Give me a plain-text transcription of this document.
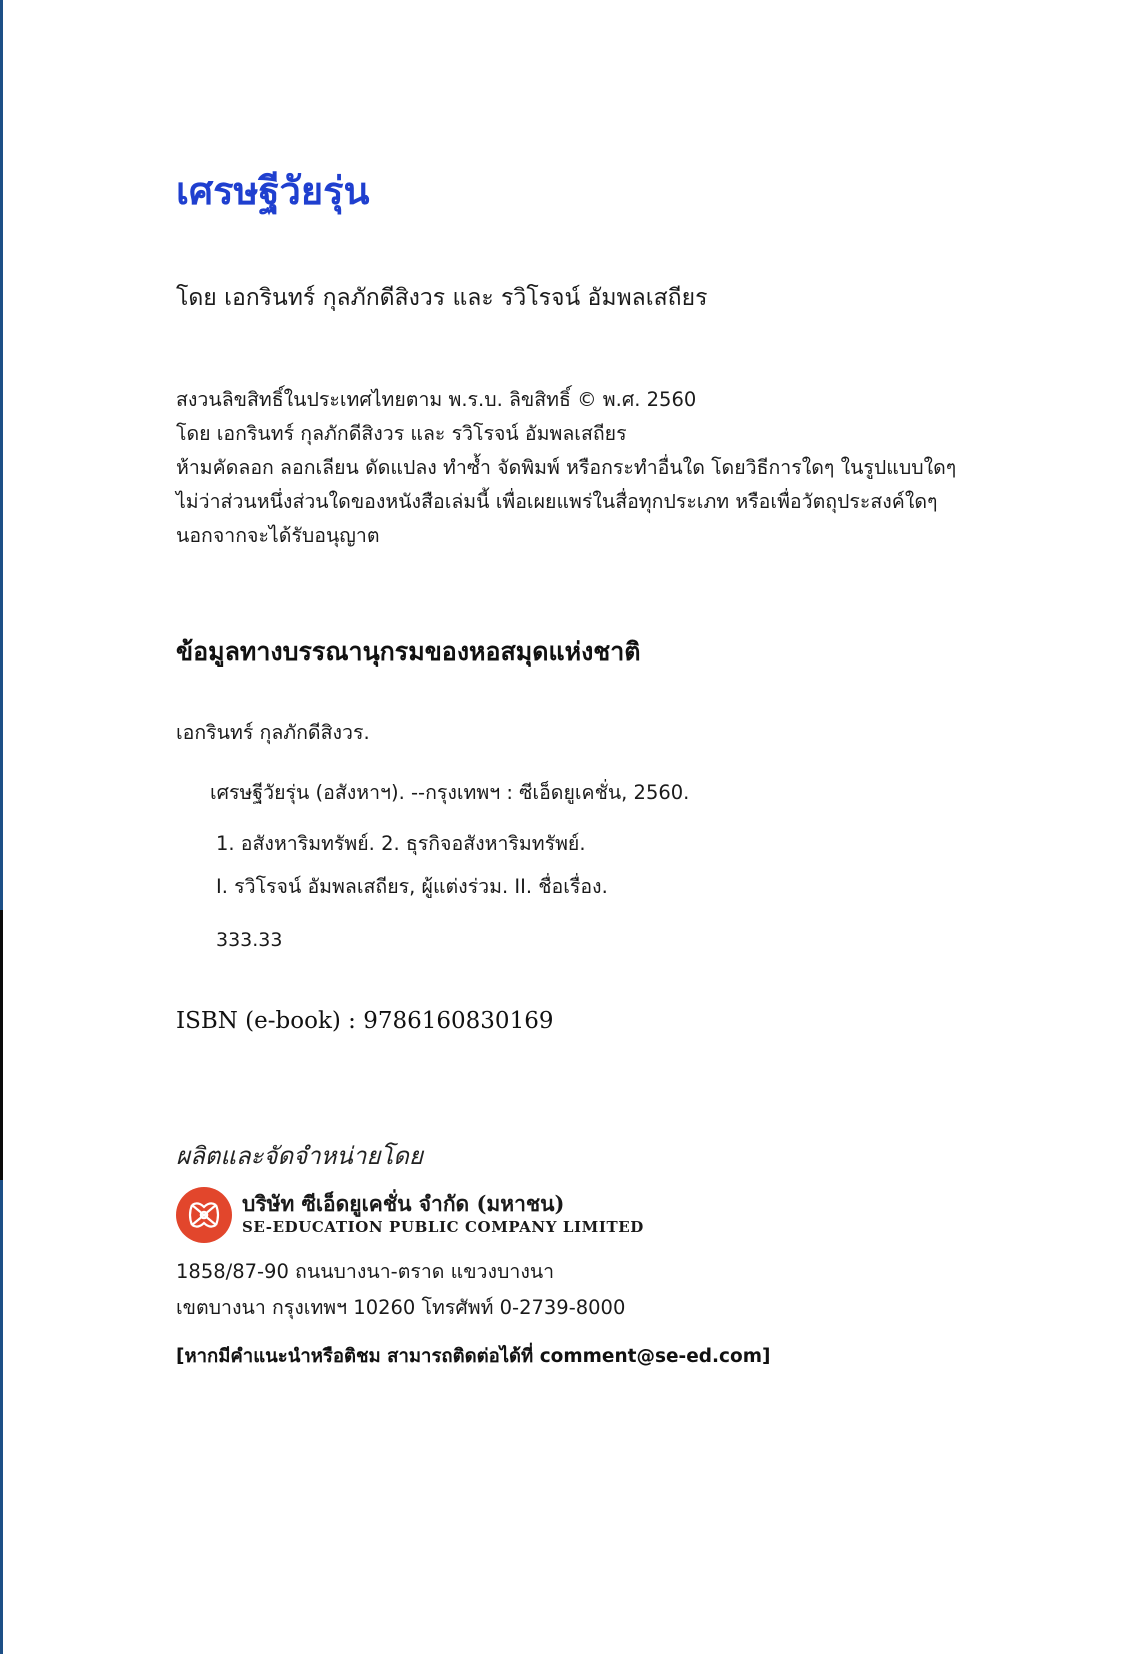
เศรษฐีวัยรุ่น
โดย เอกรินทร์ กุลภักดีสิงวร และ รวิโรจน์ อัมพลเสถียร
สงวนลิขสิทธิ์ในประเทศไทยตาม พ.ร.บ. ลิขสิทธิ์ © พ.ศ. 2560
โดย เอกรินทร์ กุลภักดีสิงวร และ รวิโรจน์ อัมพลเสถียร
ห้ามคัดลอก ลอกเลียน ดัดแปลง ทำซ้ำ จัดพิมพ์ หรือกระทำอื่นใด โดยวิธีการใดๆ ในรูปแบบใดๆ
ไม่ว่าส่วนหนึ่งส่วนใดของหนังสือเล่มนี้ เพื่อเผยแพร่ในสื่อทุกประเภท หรือเพื่อวัตถุประสงค์ใดๆ
นอกจากจะได้รับอนุญาต
ข้อมูลทางบรรณานุกรมของหอสมุดแห่งชาติ
เอกรินทร์ กุลภักดีสิงวร.
เศรษฐีวัยรุ่น (อสังหาฯ). --กรุงเทพฯ : ซีเอ็ดยูเคชั่น, 2560.
1. อสังหาริมทรัพย์. 2. ธุรกิจอสังหาริมทรัพย์.
I. รวิโรจน์ อัมพลเสถียร, ผู้แต่งร่วม. II. ชื่อเรื่อง.
333.33
ISBN (e-book) : 9786160830169
ผลิตและจัดจำหน่ายโดย
บริษัท ซีเอ็ดยูเคชั่น จำกัด (มหาชน)
SE-EDUCATION PUBLIC COMPANY LIMITED
1858/87-90 ถนนบางนา-ตราด แขวงบางนา
เขตบางนา กรุงเทพฯ 10260 โทรศัพท์ 0-2739-8000
[หากมีคำแนะนำหรือติชม สามารถติดต่อได้ที่ comment@se-ed.com]
